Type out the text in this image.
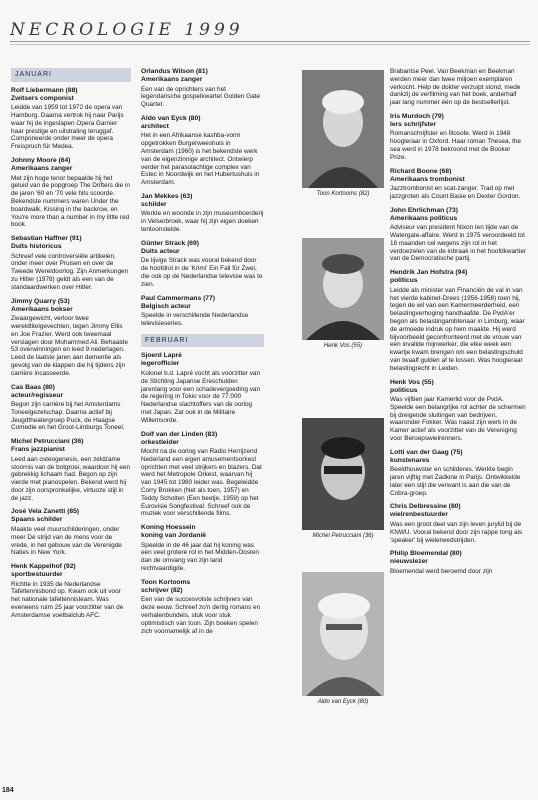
NECROLOGIE 1999
JANUARI
Rolf Liebermann (88)
Zwitsers componist
Leidde van 1959 tot 1972 de opera van Hamburg. Daarna vertrok hij naar Parijs waar hij de ingeslapen Opera Garnier haar prestige en uitstraling teruggaf. Componeerde onder meer de opera Freispruch für Medea.
Johnny Moore (64)
Amerikaans zanger
Met zijn hoge tenor bepaalde hij het geluid van de popgroep The Drifters die in de jaren '60 en '70 vele hits scoorde. Bekendste nummers waren Under the boardwalk, Kissing in the backrow, en You're more than a number in my little red book.
Sebastian Haffner (91)
Duits historicus
Schreef vele controversiële artikelen, onder meer over Pruisen en over de Tweede Wereldoorlog. Zijn Anmerkungen zu Hitler (1978) geldt als een van de standaardwerken over Hitler.
Jimmy Quarry (53)
Amerikaans bokser
Zwaargewicht, verloor twee wereldtitelgevechten, tegen Jimmy Ellis en Joe Frazier. Werd ook tweemaal verslagen door Mohammed Ali. Behaalde 53 overwinningen en leed 9 nederlagen. Leed de laatste jaren aan dementie als gevolg van de klappen die hij tijdens zijn carrière incasseerde.
Cas Baas (80)
acteur/regisseur
Begon zijn carrière bij het Amsterdams Toneelgezelschap. Daarna actief bij Jeugdtheatergroep Puck, de Haagse Comedie en het Groot-Limburgs Toneel.
Michel Petrucciani (36)
Frans jazzpianist
Leed aan osteogenesis, een zeldzame stoornis van de botgroei, waardoor hij een gebrekkig lichaam had. Begon op zijn vierde met pianospelen. Bekend werd hij door zijn oorspronkelijke, virtuoze stijl in de jazz.
José Vela Zanetti (85)
Spaans schilder
Maakte veel muurschilderingen, onder meer De strijd van de mens voor de vrede, in het gebouw van de Verenigde Naties in New York.
Henk Kappelhof (92)
sportbestuurder
Richtte in 1935 de Nederlandse Tafeltennisbond op. Kwam ook uit voor het nationale tafeltennisteam. Was eveneens ruim 25 jaar voorzitter van de Amsterdamse voetbalclub AFC.
Orlandus Wilson (81)
Amerikaans zanger
Een van de oprichters van het legendarische gospelkwartet Golden Gate Quartet.
Aldo van Eyck (80)
architect
Het in een Afrikaanse kashba-vorm opgetrokken Burgerweeshuis in Amsterdam (1960) is het bekendste werk van de eigenzinnige architect. Ontwierp verder het parasolachtige complex van Estec in Noordwijk en het Hubertushuis in Amsterdam.
Jan Mekkes (63)
schilder
Werkte en woonde in zijn museumboerderij in Velserbroek, waar hij zijn eigen doeken tentoonstelde.
Günter Strack (69)
Duits acteur
De lijvige Strack was vooral bekend door de hoofdrol in de 'Krimi' Ein Fall für Zwei, die ook op de Nederlandse televisie was te zien.
Paul Cammermans (77)
Belgisch acteur
Speelde in verschillende Nederlandse televisieseries.
FEBRUARI
Sjoerd Lapré
legerofficier
Kolonel b.d. Lapré vocht als voorzitter van de Stichting Japanse Ereschulden jarenlang voor een schadevergoeding van de regering in Tokio voor de 77.000 Nederlandse slachtoffers van de oorlog met Japan. Zat ook in de Militaire Willemsorde.
Dolf van der Linden (83)
orkestleider
Mocht na de oorlog van Radio Herrijzend Nederland een eigen amusementsorkest oprichten met veel strijkers en blazers. Dat werd het Metropole Orkest, waarvan hij van 1945 tot 1980 leider was. Begeleidde Corry Brokken (Net als toen, 1957) en Teddy Scholten (Een beetje, 1959) op het Eurovisie Songfestival. Schreef ook de muziek voor verschillende films.
Koning Hoessein
koning van Jordanië
Speelde in de 46 jaar dat hij koning was een veel grotere rol in het Midden-Oosten dan de omvang van zijn land rechtvaardigde.
Toon Kortooms
schrijver (82)
Een van de succesvolste schrijvers van deze eeuw. Schreef zo'n dertig romans en verhalenbundels, stuk voor stuk optimistisch van toon. Zijn boeken spelen zich voornamelijk af in de
Brabantse Peel. Van Beekman en Beekman werden meer dan twee miljoen exemplaren verkocht. Help de dokter verzuipt stond, mede dankzij de verfilming van het boek, anderhalf jaar lang nummer één op de bestsellerlijst.
Iris Murdoch (79)
Iers schrijfster
Romanschrijfster en filosofe. Werd in 1948 hoogleraar in Oxford. Haar roman Thesea, the sea werd in 1978 bekroond met de Booker Prize.
Richard Boone (68)
Amerikaans trombonist
Jazztrombonist en scat-zanger. Trad op met jazzgroten als Count Basie en Dexter Gordon.
John Ehrlichman (73)
Amerikaans politicus
Adviseur van president Nixon ten tijde van de Watergate-affaire. Werd in 1975 veroordeeld tot 18 maanden cel wegens zijn rol in het verdoezelen van de inbraak in het hoofdkwartier van de Democratische partij.
Hendrik Jan Hofstra (94)
politicus
Leidde als minister van Financiën de val in van het vierde kabinet-Drees (1956-1958) toen hij, tegen de wil van een Kamermeerderheid, een belastingverhoging handhaafde. De PvdA'er begon als belastingambtenaar in Limburg, waar de armoede indruk op hem maakte. Hij werd bijvoorbeeld geconfronteerd met de vrouw van een invalide mijnwerker, die elke week een kwartje kwam brengen om een belastingschuld van twaalf gulden af te lossen. Was hoogleraar belastingrecht in Leiden.
Henk Vos (55)
politicus
Was vijftien jaar Kamerlid voor de PvdA. Speelde een belangrijke rol achter de schermen bij dreigende sluitingen van bedrijven, waaronder Fokker. Was naast zijn werk in de Kamer actief als voorzitter van de Vereniging voor Beroepswielrenners.
Lotti van der Gaag (75)
kunstenares
Beeldhouwster en schilderes. Werkte begin jaren vijftig met Zadkine in Parijs. Ontwikkelde later een stijl die verwant is aan die van de Cobra-groep.
Chris Delbressine (80)
wielrenbestuurder
Was een groot deel van zijn leven jurylid bij de KNWU. Vooral bekend door zijn rappe tong als 'speaker' bij wielerwedstrijden.
Philip Bloemendal (80)
nieuwslezer
Bloemendal werd beroemd door zijn
Toon Kortooms (82)
Henk Vos (55)
Michel Petrucciani (36)
Aldo van Eyck (80)
184
